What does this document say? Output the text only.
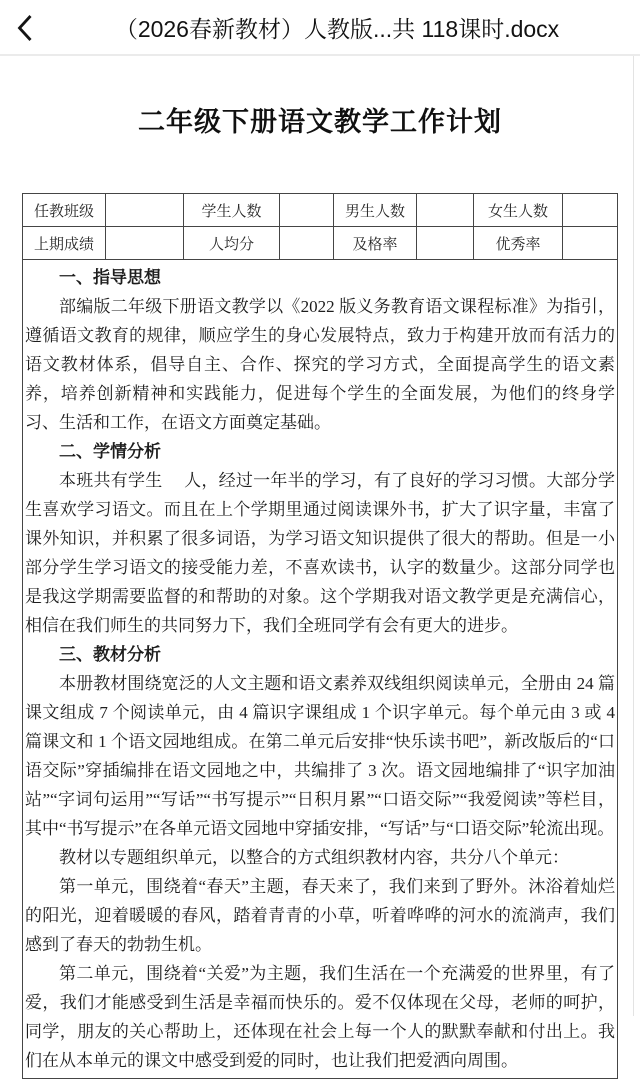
（2026春新教材）人教版...共 118课时.docx
二年级下册语文教学工作计划
任教班级		学生人数		男生人数		女生人数	
上期成绩		人均分		及格率		优秀率	

一、指导思想

部编版二年级下册语文教学以《2022 版义务教育语文课程标准》为指引，遵循语文教育的规律，顺应学生的身心发展特点，致力于构建开放而有活力的语文教材体系，倡导自主、合作、探究的学习方式，全面提高学生的语文素养，培养创新精神和实践能力，促进每个学生的全面发展，为他们的终身学习、生活和工作，在语文方面奠定基础。

二、学情分析

本班共有学生　 人，经过一年半的学习，有了良好的学习习惯。大部分学生喜欢学习语文。而且在上个学期里通过阅读课外书，扩大了识字量，丰富了课外知识，并积累了很多词语，为学习语文知识提供了很大的帮助。但是一小部分学生学习语文的接受能力差，不喜欢读书，认字的数量少。这部分同学也是我这学期需要监督的和帮助的对象。这个学期我对语文教学更是充满信心，相信在我们师生的共同努力下，我们全班同学有会有更大的进步。

三、教材分析

本册教材围绕宽泛的人文主题和语文素养双线组织阅读单元，全册由 24 篇课文组成 7 个阅读单元，由 4 篇识字课组成 1 个识字单元。每个单元由 3 或 4 篇课文和 1 个语文园地组成。在第二单元后安排“快乐读书吧”，新改版后的“口语交际”穿插编排在语文园地之中，共编排了 3 次。语文园地编排了“识字加油站”“字词句运用”“写话”“书写提示”“日积月累”“口语交际”“我爱阅读”等栏目，其中“书写提示”在各单元语文园地中穿插安排，“写话”与“口语交际”轮流出现。

教材以专题组织单元，以整合的方式组织教材内容，共分八个单元：

第一单元，围绕着“春天”主题，春天来了，我们来到了野外。沐浴着灿烂的阳光，迎着暖暖的春风，踏着青青的小草，听着哗哗的河水的流淌声，我们感到了春天的勃勃生机。

第二单元，围绕着“关爱”为主题，我们生活在一个充满爱的世界里，有了爱，我们才能感受到生活是幸福而快乐的。爱不仅体现在父母，老师的呵护，同学，朋友的关心帮助上，还体现在社会上每一个人的默默奉献和付出上。我们在从本单元的课文中感受到爱的同时，也让我们把爱洒向周围。
